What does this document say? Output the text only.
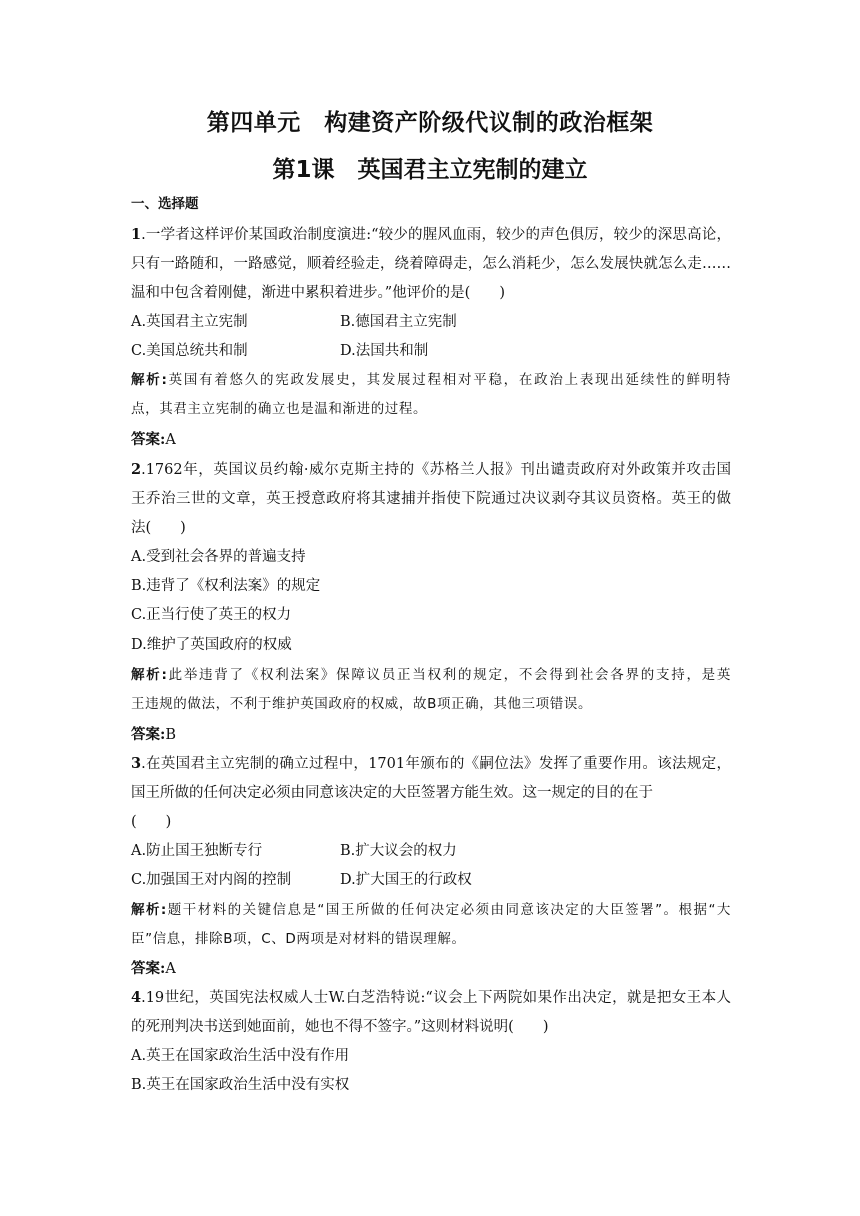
第四单元　构建资产阶级代议制的政治框架
第1课　英国君主立宪制的建立
一、选择题
1.一学者这样评价某国政治制度演进:“较少的腥风血雨，较少的声色俱厉，较少的深思高论，
只有一路随和，一路感觉，顺着经验走，绕着障碍走，怎么消耗少，怎么发展快就怎么走……
温和中包含着刚健，渐进中累积着进步。”他评价的是(　　)
A.英国君主立宪制	B.德国君主立宪制
C.美国总统共和制	D.法国共和制
解析:英国有着悠久的宪政发展史，其发展过程相对平稳，在政治上表现出延续性的鲜明特
点，其君主立宪制的确立也是温和渐进的过程。
答案:A
2.1762年，英国议员约翰·威尔克斯主持的《苏格兰人报》刊出谴责政府对外政策并攻击国
王乔治三世的文章，英王授意政府将其逮捕并指使下院通过决议剥夺其议员资格。英王的做
法(　　)
A.受到社会各界的普遍支持
B.违背了《权利法案》的规定
C.正当行使了英王的权力
D.维护了英国政府的权威
解析:此举违背了《权利法案》保障议员正当权利的规定，不会得到社会各界的支持，是英
王违规的做法，不利于维护英国政府的权威，故B项正确，其他三项错误。
答案:B
3.在英国君主立宪制的确立过程中，1701年颁布的《嗣位法》发挥了重要作用。该法规定，
国王所做的任何决定必须由同意该决定的大臣签署方能生效。这一规定的目的在于
(　　)
A.防止国王独断专行	B.扩大议会的权力
C.加强国王对内阁的控制	D.扩大国王的行政权
解析:题干材料的关键信息是“国王所做的任何决定必须由同意该决定的大臣签署”。根据“大
臣”信息，排除B项，C、D两项是对材料的错误理解。
答案:A
4.19世纪，英国宪法权威人士W.白芝浩特说:“议会上下两院如果作出决定，就是把女王本人
的死刑判决书送到她面前，她也不得不签字。”这则材料说明(　　)
A.英王在国家政治生活中没有作用
B.英王在国家政治生活中没有实权
